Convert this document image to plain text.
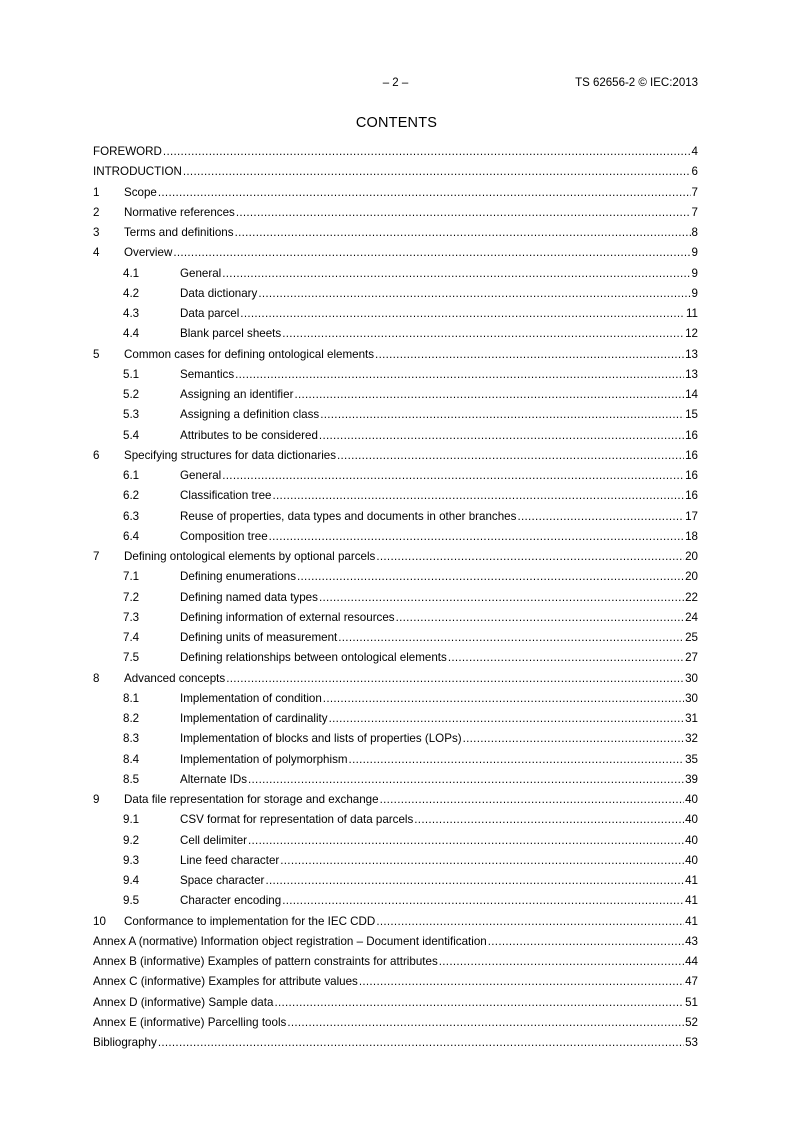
– 2 –	TS 62656-2 © IEC:2013
CONTENTS
FOREWORD .....	4
INTRODUCTION .....	6
1	Scope .....	7
2	Normative references .....	7
3	Terms and definitions .....	8
4	Overview .....	9
4.1	General .....	9
4.2	Data dictionary .....	9
4.3	Data parcel .....	11
4.4	Blank parcel sheets .....	12
5	Common cases for defining ontological elements .....	13
5.1	Semantics .....	13
5.2	Assigning an identifier .....	14
5.3	Assigning a definition class .....	15
5.4	Attributes to be considered .....	16
6	Specifying structures for data dictionaries .....	16
6.1	General .....	16
6.2	Classification tree .....	16
6.3	Reuse of properties, data types and documents in other branches .....	17
6.4	Composition tree .....	18
7	Defining ontological elements by optional parcels .....	20
7.1	Defining enumerations .....	20
7.2	Defining named data types .....	22
7.3	Defining information of external resources .....	24
7.4	Defining units of measurement .....	25
7.5	Defining relationships between ontological elements .....	27
8	Advanced concepts .....	30
8.1	Implementation of condition .....	30
8.2	Implementation of cardinality .....	31
8.3	Implementation of blocks and lists of properties (LOPs) .....	32
8.4	Implementation of polymorphism .....	35
8.5	Alternate IDs .....	39
9	Data file representation for storage and exchange .....	40
9.1	CSV format for representation of data parcels .....	40
9.2	Cell delimiter .....	40
9.3	Line feed character .....	40
9.4	Space character .....	41
9.5	Character encoding .....	41
10	Conformance to implementation for the IEC CDD .....	41
Annex A (normative) Information object registration – Document identification .....	43
Annex B (informative) Examples of pattern constraints for attributes .....	44
Annex C (informative) Examples for attribute values .....	47
Annex D (informative) Sample data .....	51
Annex E (informative) Parcelling tools .....	52
Bibliography .....	53
